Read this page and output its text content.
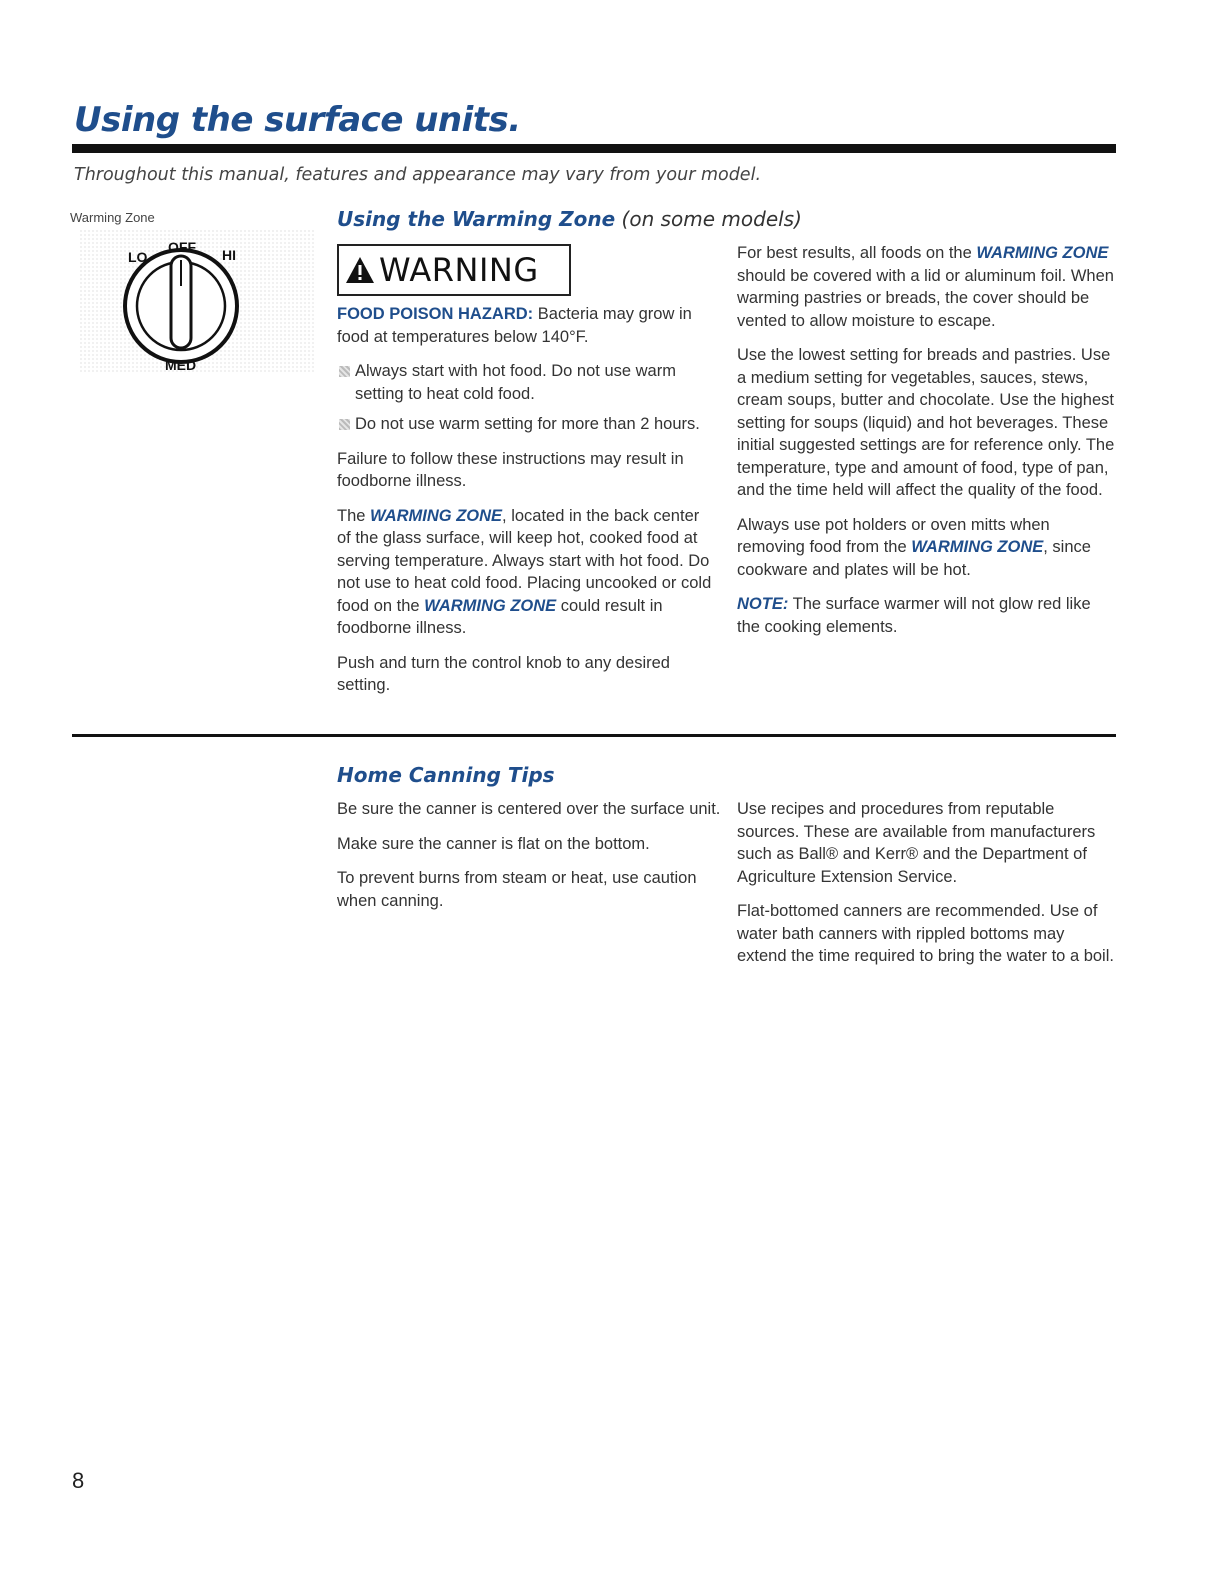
Using the surface units.
Throughout this manual, features and appearance may vary from your model.
Warming Zone
LO
OFF HI
MED
Using the Warming Zone (on some models)
WARNING

FOOD POISON HAZARD: Bacteria may grow in food at temperatures below 140°F.

Always start with hot food. Do not use warm setting to heat cold food.
Do not use warm setting for more than 2 hours.

Failure to follow these instructions may result in foodborne illness.

The WARMING ZONE, located in the back center of the glass surface, will keep hot, cooked food at serving temperature. Always start with hot food. Do not use to heat cold food. Placing uncooked or cold food on the WARMING ZONE could result in foodborne illness.

Push and turn the control knob to any desired setting.

For best results, all foods on the WARMING ZONE should be covered with a lid or aluminum foil. When warming pastries or breads, the cover should be vented to allow moisture to escape.

Use the lowest setting for breads and pastries. Use a medium setting for vegetables, sauces, stews, cream soups, butter and chocolate. Use the highest setting for soups (liquid) and hot beverages. These initial suggested settings are for reference only. The temperature, type and amount of food, type of pan, and the time held will affect the quality of the food.

Always use pot holders or oven mitts when removing food from the WARMING ZONE, since cookware and plates will be hot.

NOTE: The surface warmer will not glow red like the cooking elements.

Home Canning Tips

Be sure the canner is centered over the surface unit.

Make sure the canner is flat on the bottom.

To prevent burns from steam or heat, use caution when canning.

Use recipes and procedures from reputable sources. These are available from manufacturers such as Ball® and Kerr® and the Department of Agriculture Extension Service.

Flat-bottomed canners are recommended. Use of water bath canners with rippled bottoms may extend the time required to bring the water to a boil.

8
